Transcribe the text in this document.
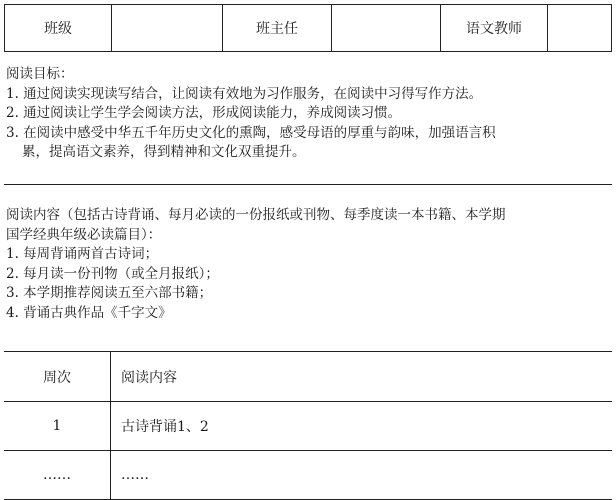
班级		班主任		语文教师	
阅读目标：
1. 通过阅读实现读写结合，让阅读有效地为习作服务，在阅读中习得写作方法。
2. 通过阅读让学生学会阅读方法，形成阅读能力，养成阅读习惯。
3. 在阅读中感受中华五千年历史文化的熏陶，感受母语的厚重与韵味，加强语言积
累，提高语文素养，得到精神和文化双重提升。
阅读内容（包括古诗背诵、每月必读的一份报纸或刊物、每季度读一本书籍、本学期
国学经典年级必读篇目）：
1. 每周背诵两首古诗词；
2. 每月读一份刊物（或全月报纸）；
3. 本学期推荐阅读五至六部书籍；
4. 背诵古典作品《千字文》
周次	阅读内容
1	古诗背诵1、2
……	……
